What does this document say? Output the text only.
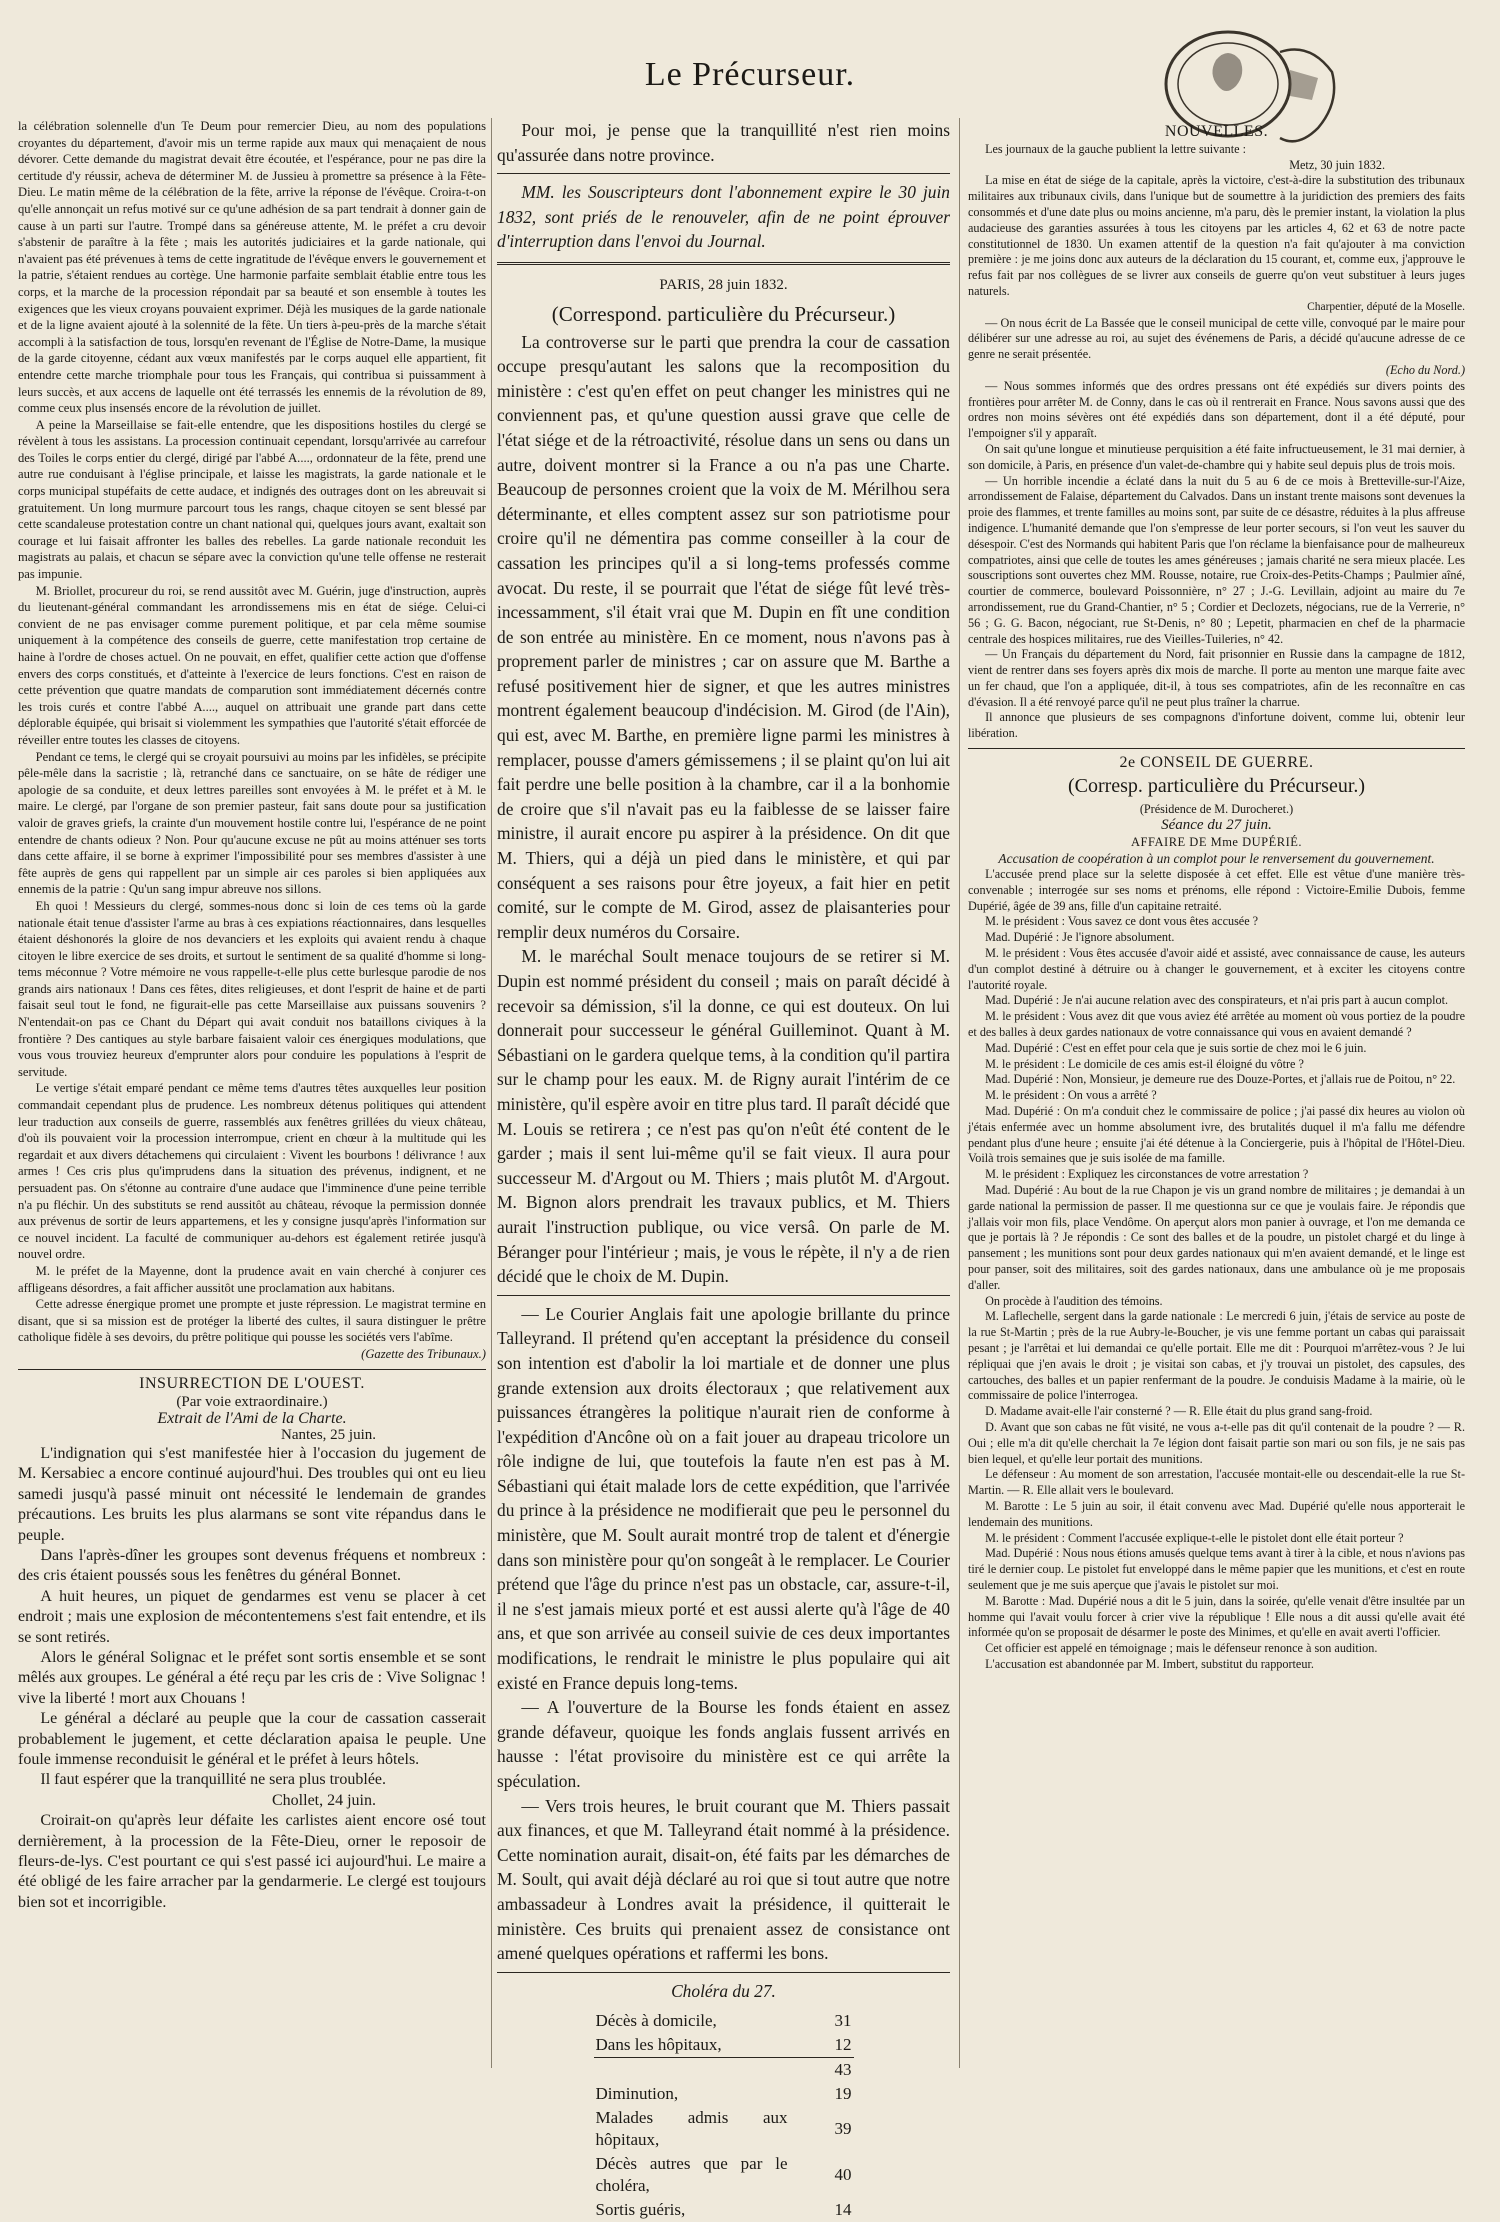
Le Précurseur.

la célébration solennelle d'un Te Deum pour remercier Dieu, au nom des populations croyantes du département, d'avoir mis un terme rapide aux maux qui menaçaient de nous dévorer. Cette demande du magistrat devait être écoutée, et l'espérance, pour ne pas dire la certitude d'y réussir, acheva de déterminer M. de Jussieu à promettre sa présence à la Fête-Dieu. Le matin même de la célébration de la fête, arrive la réponse de l'évêque. Croira-t-on qu'elle annonçait un refus motivé sur ce qu'une adhésion de sa part tendrait à donner gain de cause à un parti sur l'autre. Trompé dans sa généreuse attente, M. le préfet a cru devoir s'abstenir de paraître à la fête ; mais les autorités judiciaires et la garde nationale, qui n'avaient pas été prévenues à tems de cette ingratitude de l'évêque envers le gouvernement et la patrie, s'étaient rendues au cortège. Une harmonie parfaite semblait établie entre tous les corps, et la marche de la procession répondait par sa beauté et son ensemble à toutes les exigences que les vieux croyans pouvaient exprimer. Déjà les musiques de la garde nationale et de la ligne avaient ajouté à la solennité de la fête. Un tiers à-peu-près de la marche s'était accompli à la satisfaction de tous, lorsqu'en revenant de l'Église de Notre-Dame, la musique de la garde citoyenne, cédant aux vœux manifestés par le corps auquel elle appartient, fit entendre cette marche triomphale pour tous les Français, qui contribua si puissamment à leurs succès, et aux accens de laquelle ont été terrassés les ennemis de la révolution de 89, comme ceux plus insensés encore de la révolution de juillet.

A peine la Marseillaise se fait-elle entendre, que les dispositions hostiles du clergé se révèlent à tous les assistans. La procession continuait cependant, lorsqu'arrivée au carrefour des Toiles le corps entier du clergé, dirigé par l'abbé A...., ordonnateur de la fête, prend une autre rue conduisant à l'église principale, et laisse les magistrats, la garde nationale et le corps municipal stupéfaits de cette audace, et indignés des outrages dont on les abreuvait si gratuitement. Un long murmure parcourt tous les rangs, chaque citoyen se sent blessé par cette scandaleuse protestation contre un chant national qui, quelques jours avant, exaltait son courage et lui faisait affronter les balles des rebelles. La garde nationale reconduit les magistrats au palais, et chacun se sépare avec la conviction qu'une telle offense ne resterait pas impunie.

M. Briollet, procureur du roi, se rend aussitôt avec M. Guérin, juge d'instruction, auprès du lieutenant-général commandant les arrondissemens mis en état de siége. Celui-ci convient de ne pas envisager comme purement politique, et par cela même soumise uniquement à la compétence des conseils de guerre, cette manifestation trop certaine de haine à l'ordre de choses actuel. On ne pouvait, en effet, qualifier cette action que d'offense envers des corps constitués, et d'atteinte à l'exercice de leurs fonctions. C'est en raison de cette prévention que quatre mandats de comparution sont immédiatement décernés contre les trois curés et contre l'abbé A...., auquel on attribuait une grande part dans cette déplorable équipée, qui brisait si violemment les sympathies que l'autorité s'était efforcée de réveiller entre toutes les classes de citoyens.

Pendant ce tems, le clergé qui se croyait poursuivi au moins par les infidèles, se précipite pêle-mêle dans la sacristie ; là, retranché dans ce sanctuaire, on se hâte de rédiger une apologie de sa conduite, et deux lettres pareilles sont envoyées à M. le préfet et à M. le maire. Le clergé, par l'organe de son premier pasteur, fait sans doute pour sa justification valoir de graves griefs, la crainte d'un mouvement hostile contre lui, l'espérance de ne point entendre de chants odieux ? Non. Pour qu'aucune excuse ne pût au moins atténuer ses torts dans cette affaire, il se borne à exprimer l'impossibilité pour ses membres d'assister à une fête auprès de gens qui rappellent par un simple air ces paroles si bien appliquées aux ennemis de la patrie : Qu'un sang impur abreuve nos sillons.

Eh quoi ! Messieurs du clergé, sommes-nous donc si loin de ces tems où la garde nationale était tenue d'assister l'arme au bras à ces expiations réactionnaires, dans lesquelles étaient déshonorés la gloire de nos devanciers et les exploits qui avaient rendu à chaque citoyen le libre exercice de ses droits, et surtout le sentiment de sa qualité d'homme si long-tems méconnue ? Votre mémoire ne vous rappelle-t-elle plus cette burlesque parodie de nos grands airs nationaux ! Dans ces fêtes, dites religieuses, et dont l'esprit de haine et de parti faisait seul tout le fond, ne figurait-elle pas cette Marseillaise aux puissans souvenirs ? N'entendait-on pas ce Chant du Départ qui avait conduit nos bataillons civiques à la frontière ? Des cantiques au style barbare faisaient valoir ces énergiques modulations, que vous vous trouviez heureux d'emprunter alors pour conduire les populations à l'esprit de servitude.

Le vertige s'était emparé pendant ce même tems d'autres têtes auxquelles leur position commandait cependant plus de prudence. Les nombreux détenus politiques qui attendent leur traduction aux conseils de guerre, rassemblés aux fenêtres grillées du vieux château, d'où ils pouvaient voir la procession interrompue, crient en chœur à la multitude qui les regardait et aux divers détachemens qui circulaient : Vivent les bourbons ! délivrance ! aux armes ! Ces cris plus qu'imprudens dans la situation des prévenus, indignent, et ne persuadent pas. On s'étonne au contraire d'une audace que l'imminence d'une peine terrible n'a pu fléchir. Un des substituts se rend aussitôt au château, révoque la permission donnée aux prévenus de sortir de leurs appartemens, et les y consigne jusqu'après l'information sur ce nouvel incident. La faculté de communiquer au-dehors est également retirée jusqu'à nouvel ordre.

M. le préfet de la Mayenne, dont la prudence avait en vain cherché à conjurer ces affligeans désordres, a fait afficher aussitôt une proclamation aux habitans.

Cette adresse énergique promet une prompte et juste répression. Le magistrat termine en disant, que si sa mission est de protéger la liberté des cultes, il saura distinguer le prêtre catholique fidèle à ses devoirs, du prêtre politique qui pousse les sociétés vers l'abîme.

(Gazette des Tribunaux.)

INSURRECTION DE L'OUEST.

(Par voie extraordinaire.)

Extrait de l'Ami de la Charte.

Nantes, 25 juin.

L'indignation qui s'est manifestée hier à l'occasion du jugement de M. Kersabiec a encore continué aujourd'hui. Des troubles qui ont eu lieu samedi jusqu'à passé minuit ont nécessité le lendemain de grandes précautions. Les bruits les plus alarmans se sont vite répandus dans le peuple.

Dans l'après-dîner les groupes sont devenus fréquens et nombreux : des cris étaient poussés sous les fenêtres du général Bonnet.

A huit heures, un piquet de gendarmes est venu se placer à cet endroit ; mais une explosion de mécontentemens s'est fait entendre, et ils se sont retirés.

Alors le général Solignac et le préfet sont sortis ensemble et se sont mêlés aux groupes. Le général a été reçu par les cris de : Vive Solignac ! vive la liberté ! mort aux Chouans !

Le général a déclaré au peuple que la cour de cassation casserait probablement le jugement, et cette déclaration apaisa le peuple. Une foule immense reconduisit le général et le préfet à leurs hôtels.

Il faut espérer que la tranquillité ne sera plus troublée.

Chollet, 24 juin.

Croirait-on qu'après leur défaite les carlistes aient encore osé tout dernièrement, à la procession de la Fête-Dieu, orner le reposoir de fleurs-de-lys. C'est pourtant ce qui s'est passé ici aujourd'hui. Le maire a été obligé de les faire arracher par la gendarmerie. Le clergé est toujours bien sot et incorrigible.

Pour moi, je pense que la tranquillité n'est rien moins qu'assurée dans notre province.

MM. les Souscripteurs dont l'abonnement expire le 30 juin 1832, sont priés de le renouveler, afin de ne point éprouver d'interruption dans l'envoi du Journal.

PARIS, 28 juin 1832.

(Correspond. particulière du Précurseur.)

La controverse sur le parti que prendra la cour de cassation occupe presqu'autant les salons que la recomposition du ministère : c'est qu'en effet on peut changer les ministres qui ne conviennent pas, et qu'une question aussi grave que celle de l'état siége et de la rétroactivité, résolue dans un sens ou dans un autre, doivent montrer si la France a ou n'a pas une Charte. Beaucoup de personnes croient que la voix de M. Mérilhou sera déterminante, et elles comptent assez sur son patriotisme pour croire qu'il ne démentira pas comme conseiller à la cour de cassation les principes qu'il a si long-tems professés comme avocat. Du reste, il se pourrait que l'état de siége fût levé très-incessamment, s'il était vrai que M. Dupin en fît une condition de son entrée au ministère. En ce moment, nous n'avons pas à proprement parler de ministres ; car on assure que M. Barthe a refusé positivement hier de signer, et que les autres ministres montrent également beaucoup d'indécision. M. Girod (de l'Ain), qui est, avec M. Barthe, en première ligne parmi les ministres à remplacer, pousse d'amers gémissemens ; il se plaint qu'on lui ait fait perdre une belle position à la chambre, car il a la bonhomie de croire que s'il n'avait pas eu la faiblesse de se laisser faire ministre, il aurait encore pu aspirer à la présidence. On dit que M. Thiers, qui a déjà un pied dans le ministère, et qui par conséquent a ses raisons pour être joyeux, a fait hier en petit comité, sur le compte de M. Girod, assez de plaisanteries pour remplir deux numéros du Corsaire.

M. le maréchal Soult menace toujours de se retirer si M. Dupin est nommé président du conseil ; mais on paraît décidé à recevoir sa démission, s'il la donne, ce qui est douteux. On lui donnerait pour successeur le général Guilleminot. Quant à M. Sébastiani on le gardera quelque tems, à la condition qu'il partira sur le champ pour les eaux. M. de Rigny aurait l'intérim de ce ministère, qu'il espère avoir en titre plus tard. Il paraît décidé que M. Louis se retirera ; ce n'est pas qu'on n'eût été content de le garder ; mais il sent lui-même qu'il se fait vieux. Il aura pour successeur M. d'Argout ou M. Thiers ; mais plutôt M. d'Argout. M. Bignon alors prendrait les travaux publics, et M. Thiers aurait l'instruction publique, ou vice versâ. On parle de M. Béranger pour l'intérieur ; mais, je vous le répète, il n'y a de rien décidé que le choix de M. Dupin.

— Le Courier Anglais fait une apologie brillante du prince Talleyrand. Il prétend qu'en acceptant la présidence du conseil son intention est d'abolir la loi martiale et de donner une plus grande extension aux droits électoraux ; que relativement aux puissances étrangères la politique n'aurait rien de conforme à l'expédition d'Ancône où on a fait jouer au drapeau tricolore un rôle indigne de lui, que toutefois la faute n'en est pas à M. Sébastiani qui était malade lors de cette expédition, que l'arrivée du prince à la présidence ne modifierait que peu le personnel du ministère, que M. Soult aurait montré trop de talent et d'énergie dans son ministère pour qu'on songeât à le remplacer. Le Courier prétend que l'âge du prince n'est pas un obstacle, car, assure-t-il, il ne s'est jamais mieux porté et est aussi alerte qu'à l'âge de 40 ans, et que son arrivée au conseil suivie de ces deux importantes modifications, le rendrait le ministre le plus populaire qui ait existé en France depuis long-tems.

— A l'ouverture de la Bourse les fonds étaient en assez grande défaveur, quoique les fonds anglais fussent arrivés en hausse : l'état provisoire du ministère est ce qui arrête la spéculation.

— Vers trois heures, le bruit courant que M. Thiers passait aux finances, et que M. Talleyrand était nommé à la présidence. Cette nomination aurait, disait-on, été faits par les démarches de M. Soult, qui avait déjà déclaré au roi que si tout autre que notre ambassadeur à Londres avait la présidence, il quitterait le ministère. Ces bruits qui prenaient assez de consistance ont amené quelques opérations et raffermi les bons.

Choléra du 27.

Décès à domicile,	31
Dans les hôpitaux,	12
	43
Diminution,	19
Malades admis aux hôpitaux,	39
Décès autres que par le choléra,	40
Sortis guéris,	14

NOUVELLES.

Les journaux de la gauche publient la lettre suivante :

Metz, 30 juin 1832.

La mise en état de siége de la capitale, après la victoire, c'est-à-dire la substitution des tribunaux militaires aux tribunaux civils, dans l'unique but de soumettre à la juridiction des premiers des faits consommés et d'une date plus ou moins ancienne, m'a paru, dès le premier instant, la violation la plus audacieuse des garanties assurées à tous les citoyens par les articles 4, 62 et 63 de notre pacte constitutionnel de 1830. Un examen attentif de la question n'a fait qu'ajouter à ma conviction première : je me joins donc aux auteurs de la déclaration du 15 courant, et, comme eux, j'approuve le refus fait par nos collègues de se livrer aux conseils de guerre qu'on veut substituer à leurs juges naturels.

Charpentier, député de la Moselle.

— On nous écrit de La Bassée que le conseil municipal de cette ville, convoqué par le maire pour délibérer sur une adresse au roi, au sujet des événemens de Paris, a décidé qu'aucune adresse de ce genre ne serait présentée.

(Echo du Nord.)

— Nous sommes informés que des ordres pressans ont été expédiés sur divers points des frontières pour arrêter M. de Conny, dans le cas où il rentrerait en France. Nous savons aussi que des ordres non moins sévères ont été expédiés dans son département, dont il a été député, pour l'empoigner s'il y apparaît.

On sait qu'une longue et minutieuse perquisition a été faite infructueusement, le 31 mai dernier, à son domicile, à Paris, en présence d'un valet-de-chambre qui y habite seul depuis plus de trois mois.

— Un horrible incendie a éclaté dans la nuit du 5 au 6 de ce mois à Bretteville-sur-l'Aize, arrondissement de Falaise, département du Calvados. Dans un instant trente maisons sont devenues la proie des flammes, et trente familles au moins sont, par suite de ce désastre, réduites à la plus affreuse indigence. L'humanité demande que l'on s'empresse de leur porter secours, si l'on veut les sauver du désespoir. C'est des Normands qui habitent Paris que l'on réclame la bienfaisance pour de malheureux compatriotes, ainsi que celle de toutes les ames généreuses ; jamais charité ne sera mieux placée. Les souscriptions sont ouvertes chez MM. Rousse, notaire, rue Croix-des-Petits-Champs ; Paulmier aîné, courtier de commerce, boulevard Poissonnière, n° 27 ; J.-G. Levillain, adjoint au maire du 7e arrondissement, rue du Grand-Chantier, n° 5 ; Cordier et Declozets, négocians, rue de la Verrerie, n° 56 ; G. G. Bacon, négociant, rue St-Denis, n° 80 ; Lepetit, pharmacien en chef de la pharmacie centrale des hospices militaires, rue des Vieilles-Tuileries, n° 42.

— Un Français du département du Nord, fait prisonnier en Russie dans la campagne de 1812, vient de rentrer dans ses foyers après dix mois de marche. Il porte au menton une marque faite avec un fer chaud, que l'on a appliquée, dit-il, à tous ses compatriotes, afin de les reconnaître en cas d'évasion. Il a été renvoyé parce qu'il ne peut plus traîner la charrue.

Il annonce que plusieurs de ses compagnons d'infortune doivent, comme lui, obtenir leur libération.

2e CONSEIL DE GUERRE.

(Corresp. particulière du Précurseur.)

(Présidence de M. Durocheret.)

Séance du 27 juin.

AFFAIRE DE Mme DUPÉRIÉ.

Accusation de coopération à un complot pour le renversement du gouvernement.

L'accusée prend place sur la selette disposée à cet effet. Elle est vêtue d'une manière très-convenable ; interrogée sur ses noms et prénoms, elle répond : Victoire-Emilie Dubois, femme Dupérié, âgée de 39 ans, fille d'un capitaine retraité.

M. le président : Vous savez ce dont vous êtes accusée ?

Mad. Dupérié : Je l'ignore absolument.

M. le président : Vous êtes accusée d'avoir aidé et assisté, avec connaissance de cause, les auteurs d'un complot destiné à détruire ou à changer le gouvernement, et à exciter les citoyens contre l'autorité royale.

Mad. Dupérié : Je n'ai aucune relation avec des conspirateurs, et n'ai pris part à aucun complot.

M. le président : Vous avez dit que vous aviez été arrêtée au moment où vous portiez de la poudre et des balles à deux gardes nationaux de votre connaissance qui vous en avaient demandé ?

Mad. Dupérié : C'est en effet pour cela que je suis sortie de chez moi le 6 juin.

M. le président : Le domicile de ces amis est-il éloigné du vôtre ?

Mad. Dupérié : Non, Monsieur, je demeure rue des Douze-Portes, et j'allais rue de Poitou, n° 22.

M. le président : On vous a arrêté ?

Mad. Dupérié : On m'a conduit chez le commissaire de police ; j'ai passé dix heures au violon où j'étais enfermée avec un homme absolument ivre, des brutalités duquel il m'a fallu me défendre pendant plus d'une heure ; ensuite j'ai été détenue à la Conciergerie, puis à l'hôpital de l'Hôtel-Dieu. Voilà trois semaines que je suis isolée de ma famille.

M. le président : Expliquez les circonstances de votre arrestation ?

Mad. Dupérié : Au bout de la rue Chapon je vis un grand nombre de militaires ; je demandai à un garde national la permission de passer. Il me questionna sur ce que je voulais faire. Je répondis que j'allais voir mon fils, place Vendôme. On aperçut alors mon panier à ouvrage, et l'on me demanda ce que je portais là ? Je répondis : Ce sont des balles et de la poudre, un pistolet chargé et du linge à pansement ; les munitions sont pour deux gardes nationaux qui m'en avaient demandé, et le linge est pour panser, soit des militaires, soit des gardes nationaux, dans une ambulance où je me proposais d'aller.

On procède à l'audition des témoins.

M. Laflechelle, sergent dans la garde nationale : Le mercredi 6 juin, j'étais de service au poste de la rue St-Martin ; près de la rue Aubry-le-Boucher, je vis une femme portant un cabas qui paraissait pesant ; je l'arrêtai et lui demandai ce qu'elle portait. Elle me dit : Pourquoi m'arrêtez-vous ? Je lui répliquai que j'en avais le droit ; je visitai son cabas, et j'y trouvai un pistolet, des capsules, des cartouches, des balles et un papier renfermant de la poudre. Je conduisis Madame à la mairie, où le commissaire de police l'interrogea.

D. Madame avait-elle l'air consterné ? — R. Elle était du plus grand sang-froid.

D. Avant que son cabas ne fût visité, ne vous a-t-elle pas dit qu'il contenait de la poudre ? — R. Oui ; elle m'a dit qu'elle cherchait la 7e légion dont faisait partie son mari ou son fils, je ne sais pas bien lequel, et qu'elle leur portait des munitions.

Le défenseur : Au moment de son arrestation, l'accusée montait-elle ou descendait-elle la rue St-Martin. — R. Elle allait vers le boulevard.

M. Barotte : Le 5 juin au soir, il était convenu avec Mad. Dupérié qu'elle nous apporterait le lendemain des munitions.

M. le président : Comment l'accusée explique-t-elle le pistolet dont elle était porteur ?

Mad. Dupérié : Nous nous étions amusés quelque tems avant à tirer à la cible, et nous n'avions pas tiré le dernier coup. Le pistolet fut enveloppé dans le même papier que les munitions, et c'est en route seulement que je me suis aperçue que j'avais le pistolet sur moi.

M. Barotte : Mad. Dupérié nous a dit le 5 juin, dans la soirée, qu'elle venait d'être insultée par un homme qui l'avait voulu forcer à crier vive la république ! Elle nous a dit aussi qu'elle avait été informée qu'on se proposait de désarmer le poste des Minimes, et qu'elle en avait averti l'officier.

Cet officier est appelé en témoignage ; mais le défenseur renonce à son audition.

L'accusation est abandonnée par M. Imbert, substitut du rapporteur.
